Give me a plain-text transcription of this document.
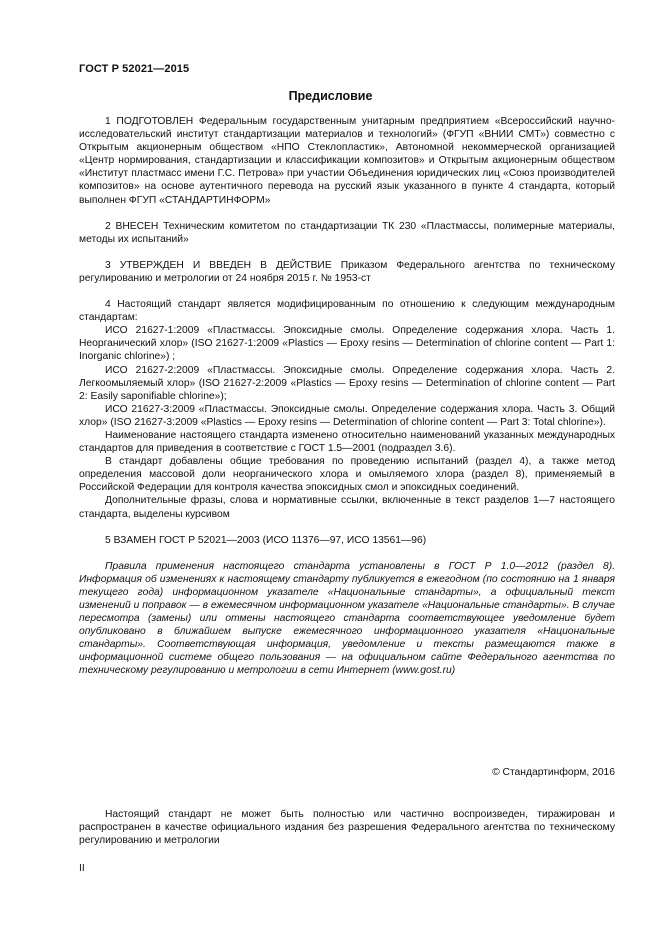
ГОСТ Р 52021—2015
Предисловие

1 ПОДГОТОВЛЕН Федеральным государственным унитарным предприятием «Всероссийский научно-исследовательский институт стандартизации материалов и технологий» (ФГУП «ВНИИ СМТ») совместно с Открытым акционерным обществом «НПО Стеклопластик», Автономной некоммерческой организацией «Центр нормирования, стандартизации и классификации композитов» и Открытым акционерным обществом «Институт пластмасс имени Г.С. Петрова» при участии Объединения юридических лиц «Союз производителей композитов» на основе аутентичного перевода на русский язык указанного в пункте 4 стандарта, который выполнен ФГУП «СТАНДАРТИНФОРМ»

2 ВНЕСЕН Техническим комитетом по стандартизации ТК 230 «Пластмассы, полимерные материалы, методы их испытаний»

3 УТВЕРЖДЕН И ВВЕДЕН В ДЕЙСТВИЕ Приказом Федерального агентства по техническому регулированию и метрологии от 24 ноября 2015 г. № 1953-ст

4 Настоящий стандарт является модифицированным по отношению к следующим международным стандартам:

ИСО 21627-1:2009 «Пластмассы. Эпоксидные смолы. Определение содержания хлора. Часть 1. Неорганический хлор» (ISO 21627-1:2009 «Plastics — Epoxy resins — Determination of chlorine content — Part 1: Inorganic chlorine») ;

ИСО 21627-2:2009 «Пластмассы. Эпоксидные смолы. Определение содержания хлора. Часть 2. Легкоомыляемый хлор» (ISO 21627-2:2009 «Plastics — Epoxy resins — Determination of chlorine content — Part 2: Easily saponifiable chlorine»);

ИСО 21627-3:2009 «Пластмассы. Эпоксидные смолы. Определение содержания хлора. Часть 3. Общий хлор» (ISO 21627-3:2009 «Plastics — Epoxy resins — Determination of chlorine content — Part 3: Total chlorine»).

Наименование настоящего стандарта изменено относительно наименований указанных международных стандартов для приведения в соответствие с ГОСТ 1.5—2001 (подраздел 3.6).

В стандарт добавлены общие требования по проведению испытаний (раздел 4), а также метод определения массовой доли неорганического хлора и омыляемого хлора (раздел 8), применяемый в Российской Федерации для контроля качества эпоксидных смол и эпоксидных соединений.

Дополнительные фразы, слова и нормативные ссылки, включенные в текст разделов 1—7 настоящего стандарта, выделены курсивом

5 ВЗАМЕН ГОСТ Р 52021—2003 (ИСО 11376—97, ИСО 13561—96)

Правила применения настоящего стандарта установлены в ГОСТ Р 1.0—2012 (раздел 8). Информация об изменениях к настоящему стандарту публикуется в ежегодном (по состоянию на 1 января текущего года) информационном указателе «Национальные стандарты», а официальный текст изменений и поправок — в ежемесячном информационном указателе «Национальные стандарты». В случае пересмотра (замены) или отмены настоящего стандарта соответствующее уведомление будет опубликовано в ближайшем выпуске ежемесячного информационного указателя «Национальные стандарты». Соответствующая информация, уведомление и тексты размещаются также в информационной системе общего пользования — на официальном сайте Федерального агентства по техническому регулированию и метрологии в сети Интернет (www.gost.ru)

© Стандартинформ, 2016

Настоящий стандарт не может быть полностью или частично воспроизведен, тиражирован и распространен в качестве официального издания без разрешения Федерального агентства по техническому регулированию и метрологии

II
